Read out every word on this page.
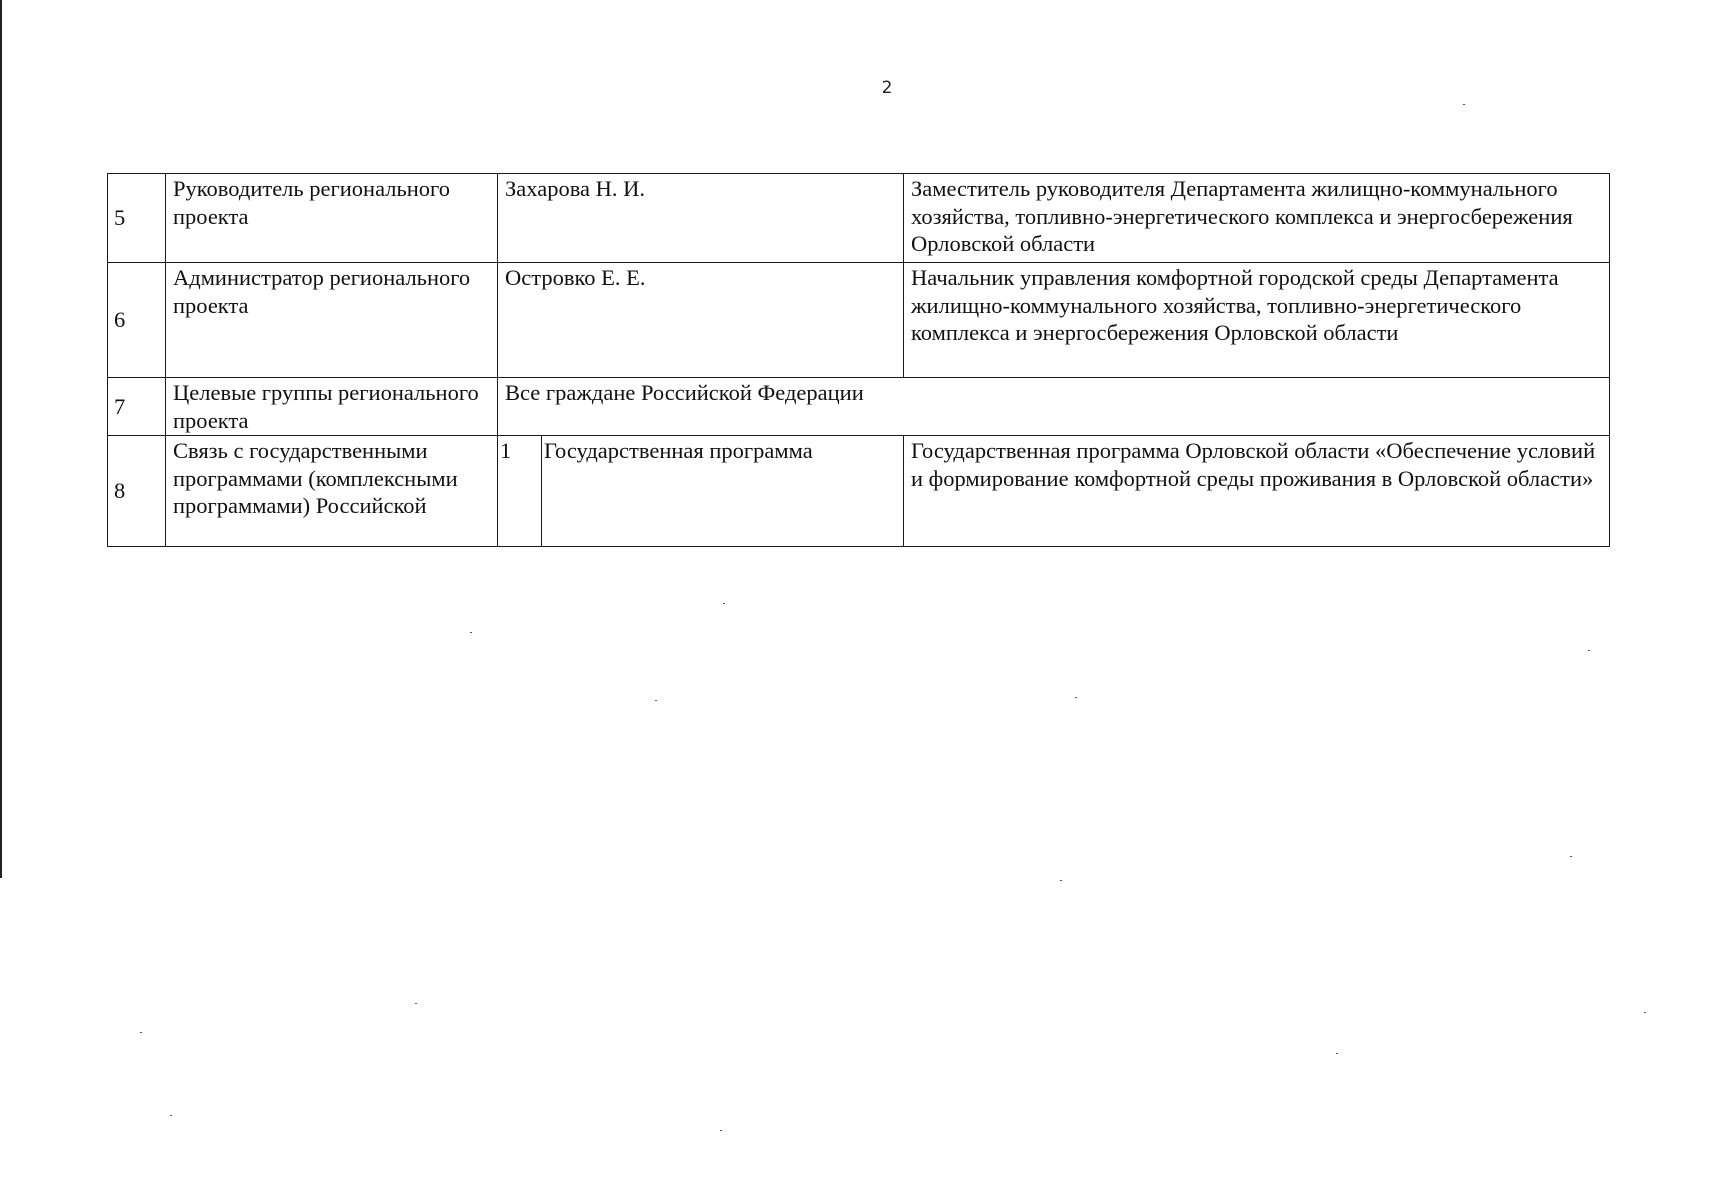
2
5	Руководитель регионального проекта	Захарова Н. И.		Заместитель руководителя Департамента жилищно-коммунального хозяйства, топливно-энергетического комплекса и энергосбережения Орловской области
6	Администратор регионального проекта	Островко Е. Е.		Начальник управления комфортной городской среды Департамента жилищно-коммунального хозяйства, топливно-энергетического комплекса и энергосбережения Орловской области
7	Целевые группы регионального проекта	Все граждане Российской Федерации		
8	Связь с государственными программами (комплексными программами) Российской	1	Государственная программа	Государственная программа Орловской области «Обеспечение условий и формирование комфортной среды проживания в Орловской области»
